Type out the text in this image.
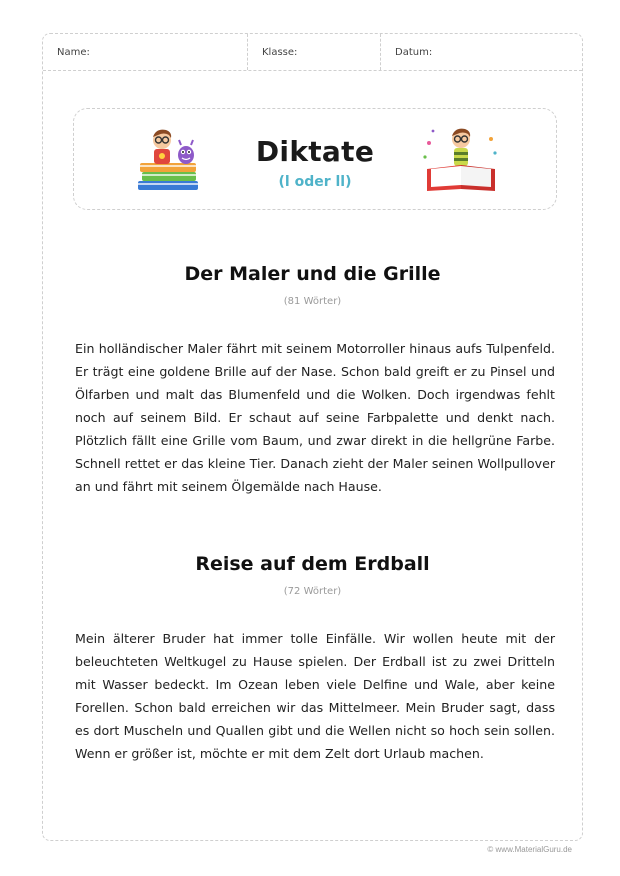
Name:	Klasse:	Datum:
Diktate
(l oder ll)
Der Maler und die Grille
(81 Wörter)
Ein holländischer Maler fährt mit seinem Motorroller hinaus aufs Tulpenfeld. Er trägt eine goldene Brille auf der Nase. Schon bald greift er zu Pinsel und Ölfarben und malt das Blumenfeld und die Wolken. Doch irgendwas fehlt noch auf seinem Bild. Er schaut auf seine Farbpalette und denkt nach. Plötzlich fällt eine Grille vom Baum, und zwar direkt in die hellgrüne Farbe. Schnell rettet er das kleine Tier. Danach zieht der Maler seinen Wollpullover an und fährt mit seinem Ölgemälde nach Hause.
Reise auf dem Erdball
(72 Wörter)
Mein älterer Bruder hat immer tolle Einfälle. Wir wollen heute mit der beleuchteten Weltkugel zu Hause spielen. Der Erdball ist zu zwei Dritteln mit Wasser bedeckt. Im Ozean leben viele Delfine und Wale, aber keine Forellen. Schon bald erreichen wir das Mittelmeer. Mein Bruder sagt, dass es dort Muscheln und Quallen gibt und die Wellen nicht so hoch sein sollen. Wenn er größer ist, möchte er mit dem Zelt dort Urlaub machen.
© www.MaterialGuru.de
